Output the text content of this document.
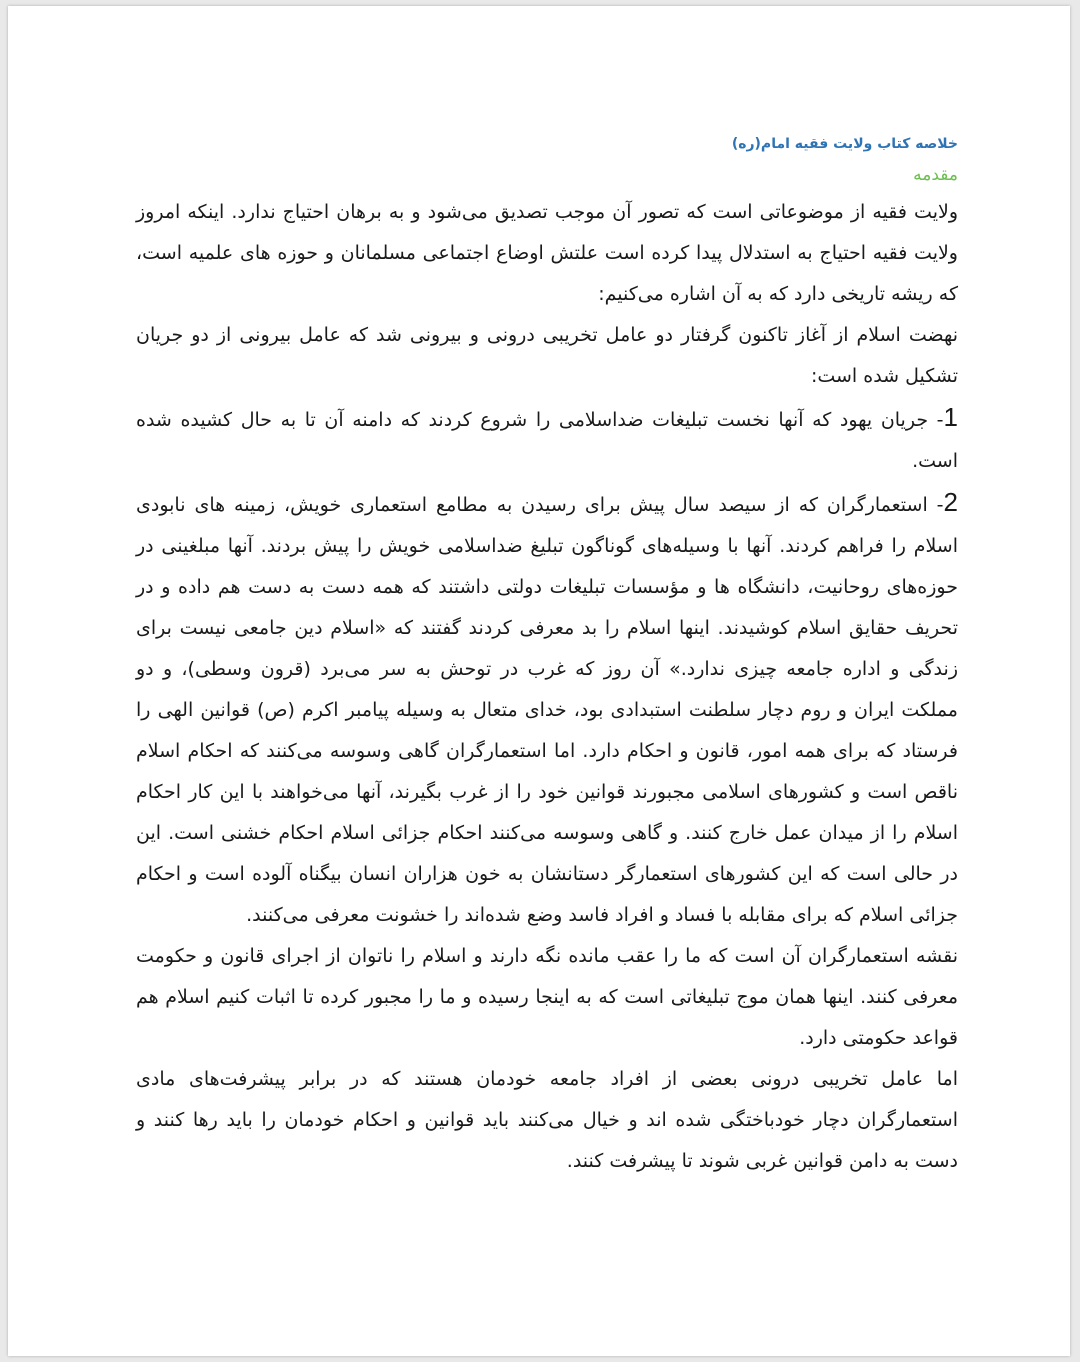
خلاصه کتاب ولایت فقیه امام(ره)
مقدمه

ولایت فقیه از موضوعاتی است که تصور آن موجب تصدیق می‌شود و به برهان احتیاج ندارد. اینکه امروز ولایت فقیه احتیاج به استدلال پیدا کرده است علتش اوضاع اجتماعی مسلمانان و حوزه های علمیه است، که ریشه تاریخی دارد که به آن اشاره می‌کنیم:

نهضت اسلام از آغاز تاکنون گرفتار دو عامل تخریبی درونی و بیرونی شد که عامل بیرونی از دو جریان تشکیل شده است:

1- جریان یهود که آنها نخست تبلیغات ضداسلامی را شروع کردند که دامنه آن تا به حال کشیده شده است.

2- استعمارگران که از سیصد سال پیش برای رسیدن به مطامع استعماری خویش، زمینه های نابودی اسلام را فراهم کردند. آنها با وسیله‌های گوناگون تبلیغ ضداسلامی خویش را پیش بردند. آنها مبلغینی در حوزه‌های روحانیت، دانشگاه ها و مؤسسات تبلیغات دولتی داشتند که همه دست به دست هم داده و در تحریف حقایق اسلام کوشیدند. اینها اسلام را بد معرفی کردند گفتند که «اسلام دین جامعی نیست برای زندگی و اداره جامعه چیزی ندارد.» آن روز که غرب در توحش به سر می‌برد (قرون وسطی)، و دو مملکت ایران و روم دچار سلطنت استبدادی بود، خدای متعال به وسیله پیامبر اکرم (ص) قوانین الهی را فرستاد که برای همه امور، قانون و احکام دارد. اما استعمارگران گاهی وسوسه می‌کنند که احکام اسلام ناقص است و کشورهای اسلامی مجبورند قوانین خود را از غرب بگیرند، آنها می‌خواهند با این کار احکام اسلام را از میدان عمل خارج کنند. و گاهی وسوسه می‌کنند احکام جزائی اسلام احکام خشنی است. این در حالی است که این کشورهای استعمارگر دستانشان به خون هزاران انسان بیگناه آلوده است و احکام جزائی اسلام که برای مقابله با فساد و افراد فاسد وضع شده‌اند را خشونت معرفی می‌کنند.

نقشه استعمارگران آن است که ما را عقب مانده نگه دارند و اسلام را ناتوان از اجرای قانون و حکومت معرفی کنند. اینها همان موج تبلیغاتی است که به اینجا رسیده و ما را مجبور کرده تا اثبات کنیم اسلام هم قواعد حکومتی دارد.

اما عامل تخریبی درونی بعضی از افراد جامعه خودمان هستند که در برابر پیشرفت‌های مادی استعمارگران دچار خودباختگی شده اند و خیال می‌کنند باید قوانین و احکام خودمان را باید رها کنند و دست به دامن قوانین غربی شوند تا پیشرفت کنند.
